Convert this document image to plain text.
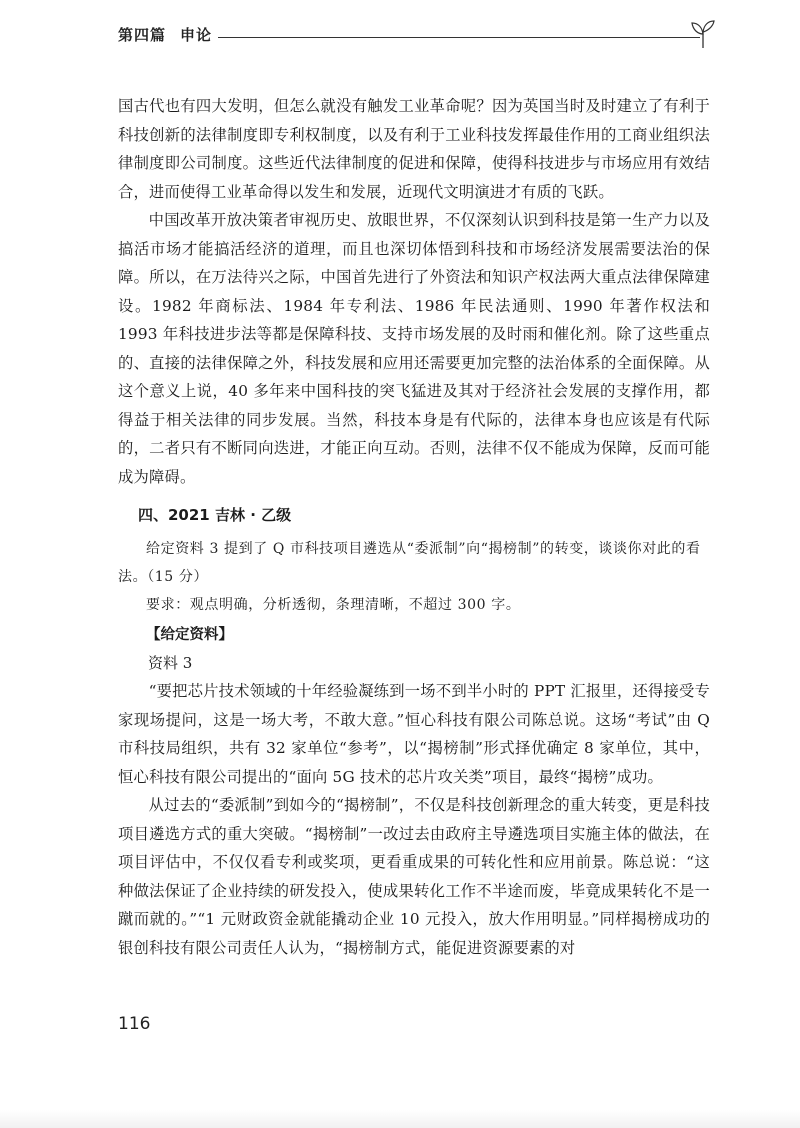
第四篇 申论

国古代也有四大发明，但怎么就没有触发工业革命呢？因为英国当时及时建立了有利于科技创新的法律制度即专利权制度，以及有利于工业科技发挥最佳作用的工商业组织法律制度即公司制度。这些近代法律制度的促进和保障，使得科技进步与市场应用有效结合，进而使得工业革命得以发生和发展，近现代文明演进才有质的飞跃。

中国改革开放决策者审视历史、放眼世界，不仅深刻认识到科技是第一生产力以及搞活市场才能搞活经济的道理，而且也深切体悟到科技和市场经济发展需要法治的保障。所以，在万法待兴之际，中国首先进行了外资法和知识产权法两大重点法律保障建设。1982 年商标法、1984 年专利法、1986 年民法通则、1990 年著作权法和 1993 年科技进步法等都是保障科技、支持市场发展的及时雨和催化剂。除了这些重点的、直接的法律保障之外，科技发展和应用还需要更加完整的法治体系的全面保障。从这个意义上说，40 多年来中国科技的突飞猛进及其对于经济社会发展的支撑作用，都得益于相关法律的同步发展。当然，科技本身是有代际的，法律本身也应该是有代际的，二者只有不断同向迭进，才能正向互动。否则，法律不仅不能成为保障，反而可能成为障碍。

四、2021 吉林 · 乙级

给定资料 3 提到了 Q 市科技项目遴选从“委派制”向“揭榜制”的转变，谈谈你对此的看法。（15 分）

要求：观点明确，分析透彻，条理清晰，不超过 300 字。

【给定资料】
资料 3

“要把芯片技术领域的十年经验凝练到一场不到半小时的 PPT 汇报里，还得接受专家现场提问，这是一场大考，不敢大意。”恒心科技有限公司陈总说。这场“考试”由 Q 市科技局组织，共有 32 家单位“参考”，以“揭榜制”形式择优确定 8 家单位，其中，恒心科技有限公司提出的“面向 5G 技术的芯片攻关类”项目，最终“揭榜”成功。

从过去的“委派制”到如今的“揭榜制”，不仅是科技创新理念的重大转变，更是科技项目遴选方式的重大突破。“揭榜制”一改过去由政府主导遴选项目实施主体的做法，在项目评估中，不仅仅看专利或奖项，更看重成果的可转化性和应用前景。陈总说：“这种做法保证了企业持续的研发投入，使成果转化工作不半途而废，毕竟成果转化不是一蹴而就的。”“1 元财政资金就能撬动企业 10 元投入，放大作用明显。”同样揭榜成功的银创科技有限公司责任人认为，“揭榜制方式，能促进资源要素的对

116
